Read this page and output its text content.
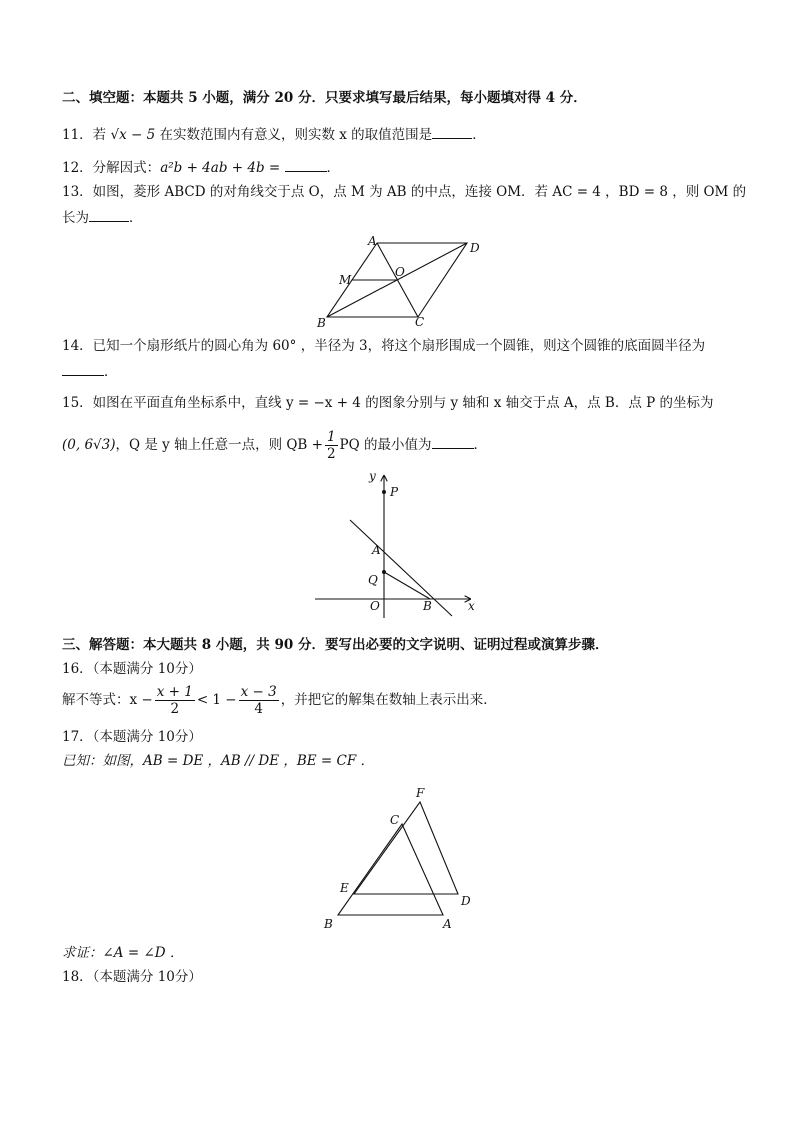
二、填空题：本题共 5 小题，满分 20 分．只要求填写最后结果，每小题填对得 4 分．
11．若 √x − 5 在实数范围内有意义，则实数 x 的取值范围是	．
12．分解因式：a²b + 4ab + 4b =	．
13．如图，菱形 ABCD 的对角线交于点 O，点 M 为 AB 的中点，连接 OM．若 AC = 4 ，BD = 8 ，则 OM 的
长为	．
A	D
M
O
B	C
14．已知一个扇形纸片的圆心角为 60° ，半径为 3，将这个扇形围成一个圆锥，则这个圆锥的底面圆半径为
．
15．如图在平面直角坐标系中，直线 y = −x + 4 的图象分别与 y 轴和 x 轴交于点 A，点 B．点 P 的坐标为
(0, 6√3)，Q 是 y 轴上任意一点，则 QB + $\frac{1}{2}$ PQ 的最小值为	．
y
x
P
A
Q
O	B
三、解答题：本大题共 8 小题，共 90 分．要写出必要的文字说明、证明过程或演算步骤．
16．（本题满分 10分）
解不等式：$x - \frac{x + 1}{2} < 1 - \frac{x - 3}{4}$ ，并把它的解集在数轴上表示出来．
17．（本题满分 10分）
已知：如图，AB = DE ，AB // DE ，BE = CF ．
F
C
E
D
B	A
求证：∠A = ∠D ．
18．（本题满分 10分）
